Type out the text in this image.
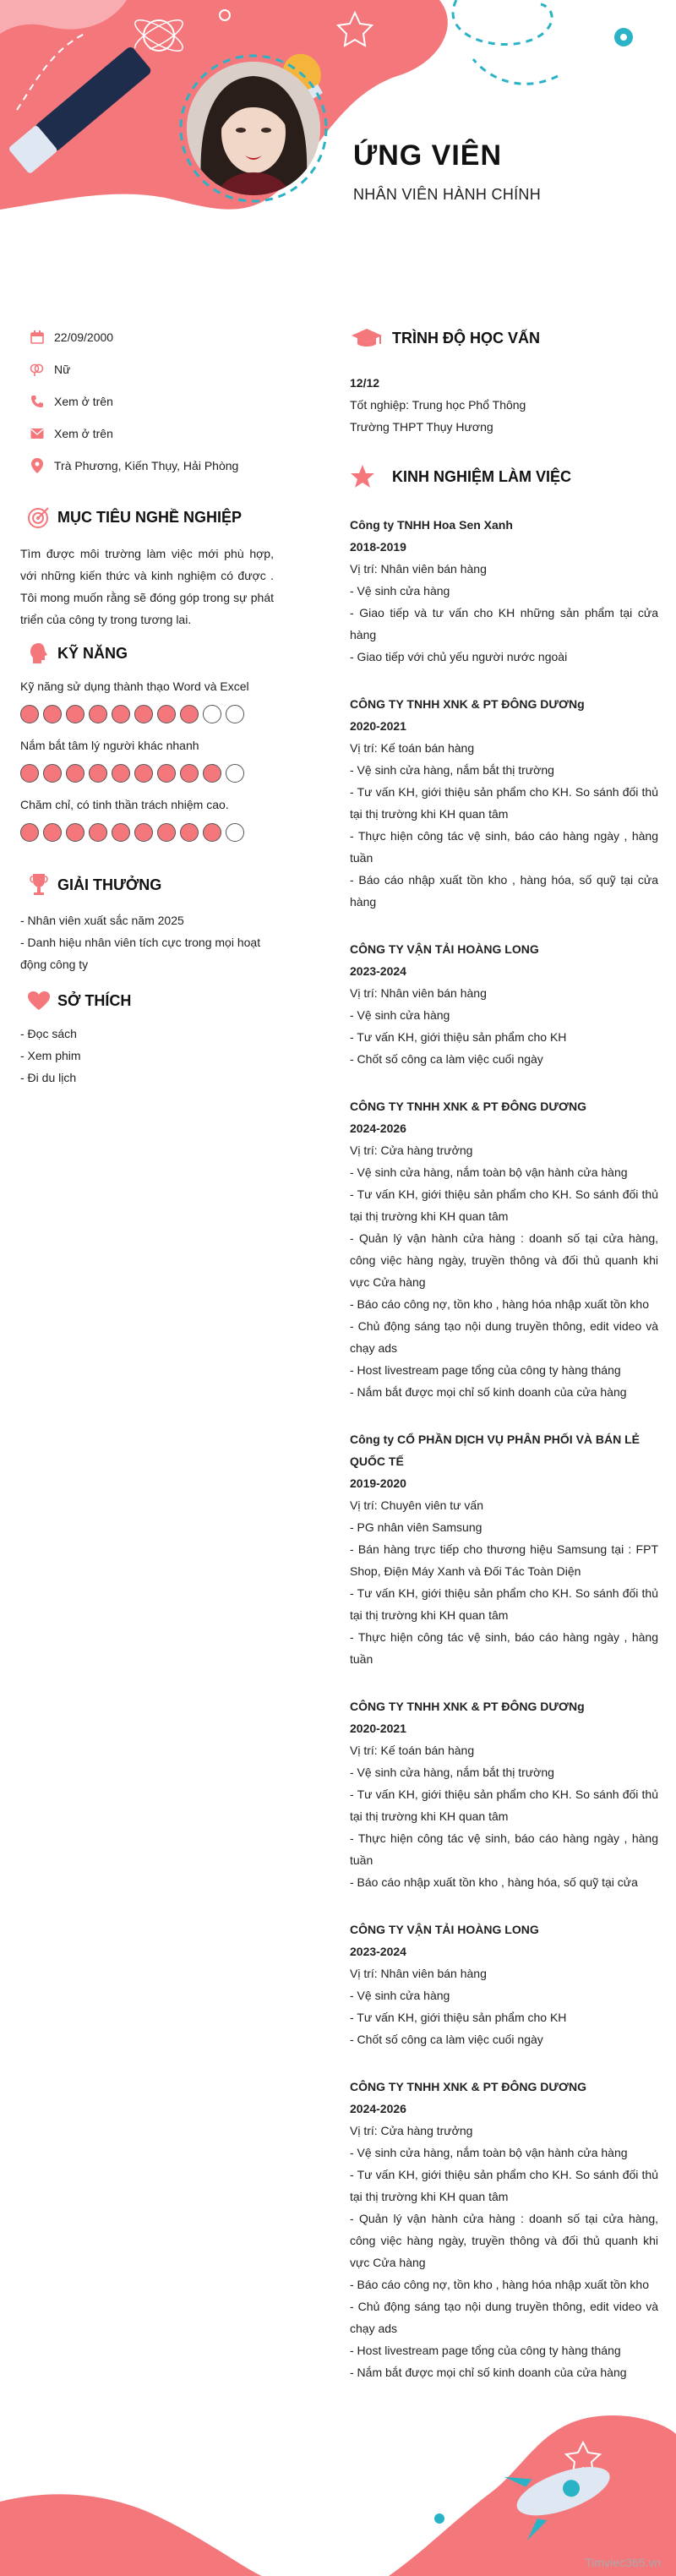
ỨNG VIÊN
NHÂN VIÊN HÀNH CHÍNH
22/09/2000
Nữ
Xem ở trên
Xem ở trên
Trà Phương, Kiến Thụy, Hải Phòng
MỤC TIÊU NGHỀ NGHIỆP

Tìm được môi trường làm việc mới phù hợp, với những kiến thức và kinh nghiệm có được . Tôi mong muốn rằng sẽ đóng góp trong sự phát triển của công ty trong tương lai.

KỸ NĂNG
Kỹ năng sử dụng thành thạo Word và Excel
Nắm bắt tâm lý người khác nhanh
Chăm chỉ, có tinh thần trách nhiệm cao.
GIẢI THƯỞNG
- Nhân viên xuất sắc năm 2025
- Danh hiệu nhân viên tích cực trong mọi hoạt động công ty
SỞ THÍCH
- Đọc sách
- Xem phim
- Đi du lịch
TRÌNH ĐỘ HỌC VẤN
12/12
Tốt nghiệp: Trung học Phổ Thông
Trường THPT Thụy Hương
KINH NGHIỆM LÀM VIỆC
Công ty TNHH Hoa Sen Xanh
2018-2019
Vị trí: Nhân viên bán hàng
- Vệ sinh cửa hàng
- Giao tiếp và tư vấn cho KH những sản phẩm tại cửa hàng
- Giao tiếp với chủ yếu người nước ngoài
CÔNG TY TNHH XNK & PT ĐÔNG DƯƠNg
2020-2021
Vị trí: Kế toán bán hàng
- Vệ sinh cửa hàng, nắm bắt thị trường
- Tư vấn KH, giới thiệu sản phẩm cho KH. So sánh đối thủ tại thị trường khi KH quan tâm
- Thực hiện công tác vệ sinh, báo cáo hàng ngày , hàng tuần
- Báo cáo nhập xuất tồn kho , hàng hóa, số quỹ tại cửa hàng
CÔNG TY VẬN TẢI HOÀNG LONG
2023-2024
Vị trí: Nhân viên bán hàng
- Vệ sinh cửa hàng
- Tư vấn KH, giới thiệu sản phẩm cho KH
- Chốt số công ca làm việc cuối ngày
CÔNG TY TNHH XNK & PT ĐÔNG DƯƠNG
2024-2026
Vị trí: Cửa hàng trưởng
- Vệ sinh cửa hàng, nắm toàn bộ vận hành cửa hàng
- Tư vấn KH, giới thiệu sản phẩm cho KH. So sánh đối thủ tại thị trường khi KH quan tâm
- Quản lý vận hành cửa hàng : doanh số tại cửa hàng, công việc hàng ngày, truyền thông và đối thủ quanh khi vực Cửa hàng
- Báo cáo công nợ, tồn kho , hàng hóa nhập xuất tồn kho
- Chủ động sáng tạo nội dung truyền thông, edit video và chạy ads
- Host livestream page tổng của công ty hàng tháng
- Nắm bắt được mọi chỉ số kinh doanh của cửa hàng
Công ty CỔ PHẦN DỊCH VỤ PHÂN PHỐI VÀ BÁN LẺ QUỐC TẾ
2019-2020
Vị trí: Chuyên viên tư vấn
- PG nhân viên Samsung
- Bán hàng trực tiếp cho thương hiệu Samsung tại : FPT Shop, Điện Máy Xanh và Đối Tác Toàn Diện
- Tư vấn KH, giới thiệu sản phẩm cho KH. So sánh đối thủ tại thị trường khi KH quan tâm
- Thực hiện công tác vệ sinh, báo cáo hàng ngày , hàng tuần
CÔNG TY TNHH XNK & PT ĐÔNG DƯƠNg
2020-2021
Vị trí: Kế toán bán hàng
- Vệ sinh cửa hàng, nắm bắt thị trường
- Tư vấn KH, giới thiệu sản phẩm cho KH. So sánh đối thủ tại thị trường khi KH quan tâm
- Thực hiện công tác vệ sinh, báo cáo hàng ngày , hàng tuần
- Báo cáo nhập xuất tồn kho , hàng hóa, số quỹ tại cửa
CÔNG TY VẬN TẢI HOÀNG LONG
2023-2024
Vị trí: Nhân viên bán hàng
- Vệ sinh cửa hàng
- Tư vấn KH, giới thiệu sản phẩm cho KH
- Chốt số công ca làm việc cuối ngày
CÔNG TY TNHH XNK & PT ĐÔNG DƯƠNG
2024-2026
Vị trí: Cửa hàng trưởng
- Vệ sinh cửa hàng, nắm toàn bộ vận hành cửa hàng
- Tư vấn KH, giới thiệu sản phẩm cho KH. So sánh đối thủ tại thị trường khi KH quan tâm
- Quản lý vận hành cửa hàng : doanh số tại cửa hàng, công việc hàng ngày, truyền thông và đối thủ quanh khi vực Cửa hàng
- Báo cáo công nợ, tồn kho , hàng hóa nhập xuất tồn kho
- Chủ động sáng tạo nội dung truyền thông, edit video và chạy ads
- Host livestream page tổng của công ty hàng tháng
- Nắm bắt được mọi chỉ số kinh doanh của cửa hàng
Timviec365.vn
